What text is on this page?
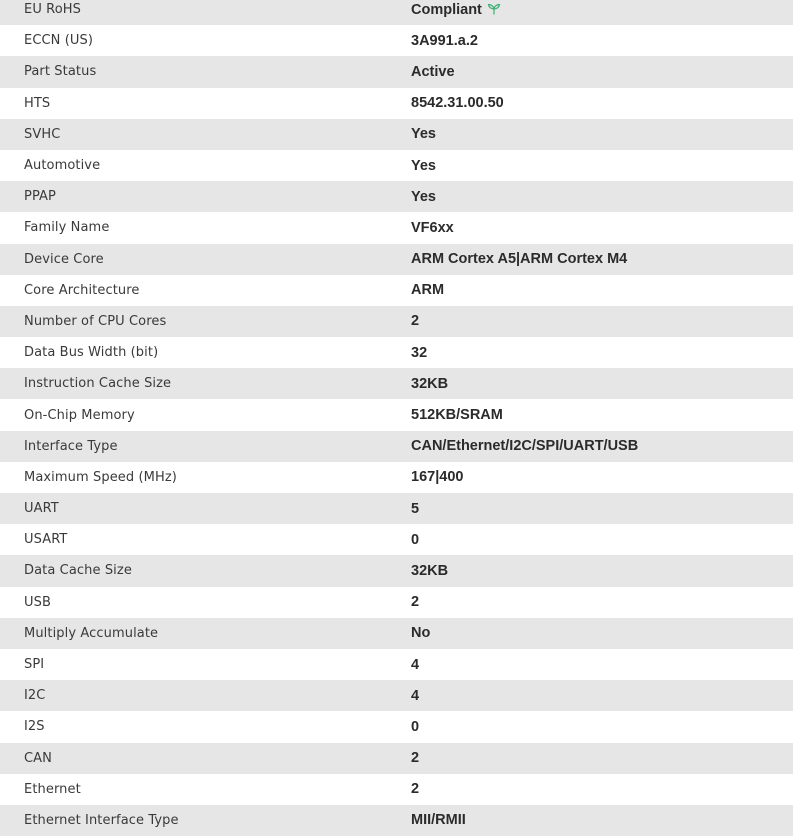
EU RoHS	Compliant
ECCN (US)	3A991.a.2
Part Status	Active
HTS	8542.31.00.50
SVHC	Yes
Automotive	Yes
PPAP	Yes
Family Name	VF6xx
Device Core	ARM Cortex A5|ARM Cortex M4
Core Architecture	ARM
Number of CPU Cores	2
Data Bus Width (bit)	32
Instruction Cache Size	32KB
On-Chip Memory	512KB/SRAM
Interface Type	CAN/Ethernet/I2C/SPI/UART/USB
Maximum Speed (MHz)	167|400
UART	5
USART	0
Data Cache Size	32KB
USB	2
Multiply Accumulate	No
SPI	4
I2C	4
I2S	0
CAN	2
Ethernet	2
Ethernet Interface Type	MII/RMII
